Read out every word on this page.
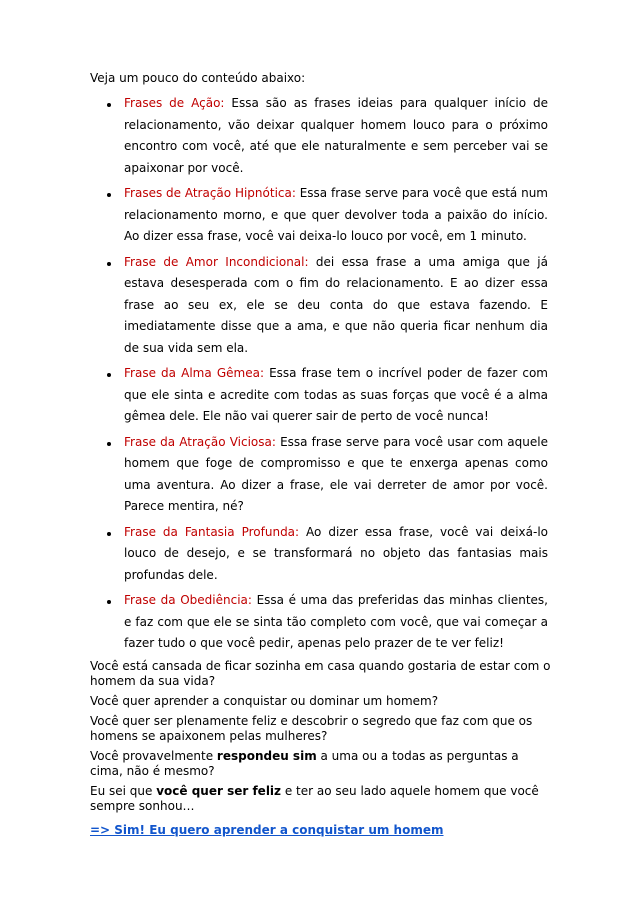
Veja um pouco do conteúdo abaixo:

Frases de Ação: Essa são as frases ideias para qualquer início de relacionamento, vão deixar qualquer homem louco para o próximo encontro com você, até que ele naturalmente e sem perceber vai se apaixonar por você.
Frases de Atração Hipnótica: Essa frase serve para você que está num relacionamento morno, e que quer devolver toda a paixão do início. Ao dizer essa frase, você vai deixa-lo louco por você, em 1 minuto.
Frase de Amor Incondicional: dei essa frase a uma amiga que já estava desesperada com o fim do relacionamento. E ao dizer essa frase ao seu ex, ele se deu conta do que estava fazendo. E imediatamente disse que a ama, e que não queria ficar nenhum dia de sua vida sem ela.
Frase da Alma Gêmea: Essa frase tem o incrível poder de fazer com que ele sinta e acredite com todas as suas forças que você é a alma gêmea dele. Ele não vai querer sair de perto de você nunca!
Frase da Atração Viciosa: Essa frase serve para você usar com aquele homem que foge de compromisso e que te enxerga apenas como uma aventura. Ao dizer a frase, ele vai derreter de amor por você. Parece mentira, né?
Frase da Fantasia Profunda: Ao dizer essa frase, você vai deixá-lo louco de desejo, e se transformará no objeto das fantasias mais profundas dele.
Frase da Obediência: Essa é uma das preferidas das minhas clientes, e faz com que ele se sinta tão completo com você, que vai começar a fazer tudo o que você pedir, apenas pelo prazer de te ver feliz!

Você está cansada de ficar sozinha em casa quando gostaria de estar com o homem da sua vida?

Você quer aprender a conquistar ou dominar um homem?

Você quer ser plenamente feliz e descobrir o segredo que faz com que os homens se apaixonem pelas mulheres?

Você provavelmente respondeu sim a uma ou a todas as perguntas a cima, não é mesmo?

Eu sei que você quer ser feliz e ter ao seu lado aquele homem que você sempre sonhou…

=> Sim! Eu quero aprender a conquistar um homem
